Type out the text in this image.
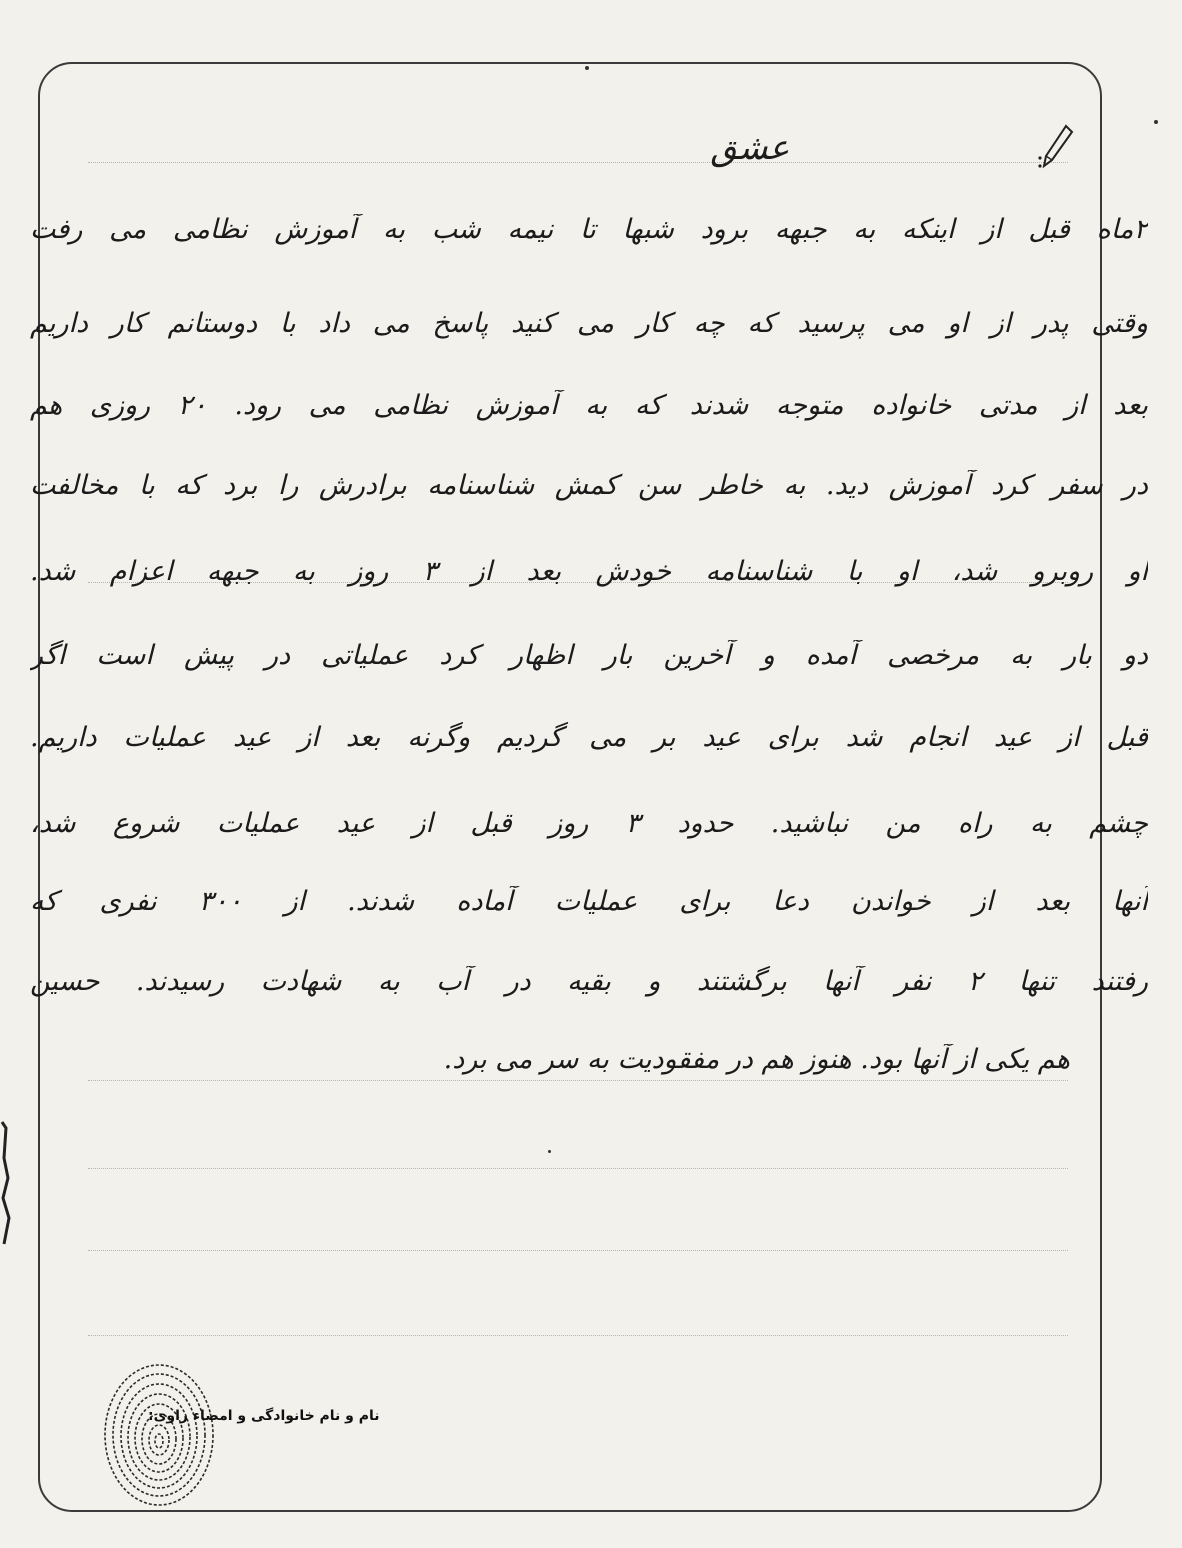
عشق
۲ماه قبل از اینکه به جبهه برود شبها تا نیمه شب به آموزش نظامی می رفت
وقتی پدر از او می پرسید که چه کار می کنید پاسخ می داد با دوستانم کار داریم
بعد از مدتی خانواده متوجه شدند که به آموزش نظامی می رود. ۲۰ روزی هم
در سفر کرد آموزش دید. به خاطر سن کمش شناسنامه برادرش را برد که با مخالفت
او روبرو شد، او با شناسنامه خودش بعد از ۳ روز به جبهه اعزام شد.
دو بار به مرخصی آمده و آخرین بار اظهار کرد عملیاتی در پیش است اگر
قبل از عید انجام شد برای عید بر می گردیم وگرنه بعد از عید عملیات داریم.
چشم به راه من نباشید. حدود ۳ روز قبل از عید عملیات شروع شد،
آنها بعد از خواندن دعا برای عملیات آماده شدند. از ۳۰۰ نفری که
رفتند تنها ۲ نفر آنها برگشتند و بقیه در آب به شهادت رسیدند. حسین
هم یکی از آنها بود. هنوز هم در مفقودیت به سر می برد.
نام و نام خانوادگی و امضاء راوی:
